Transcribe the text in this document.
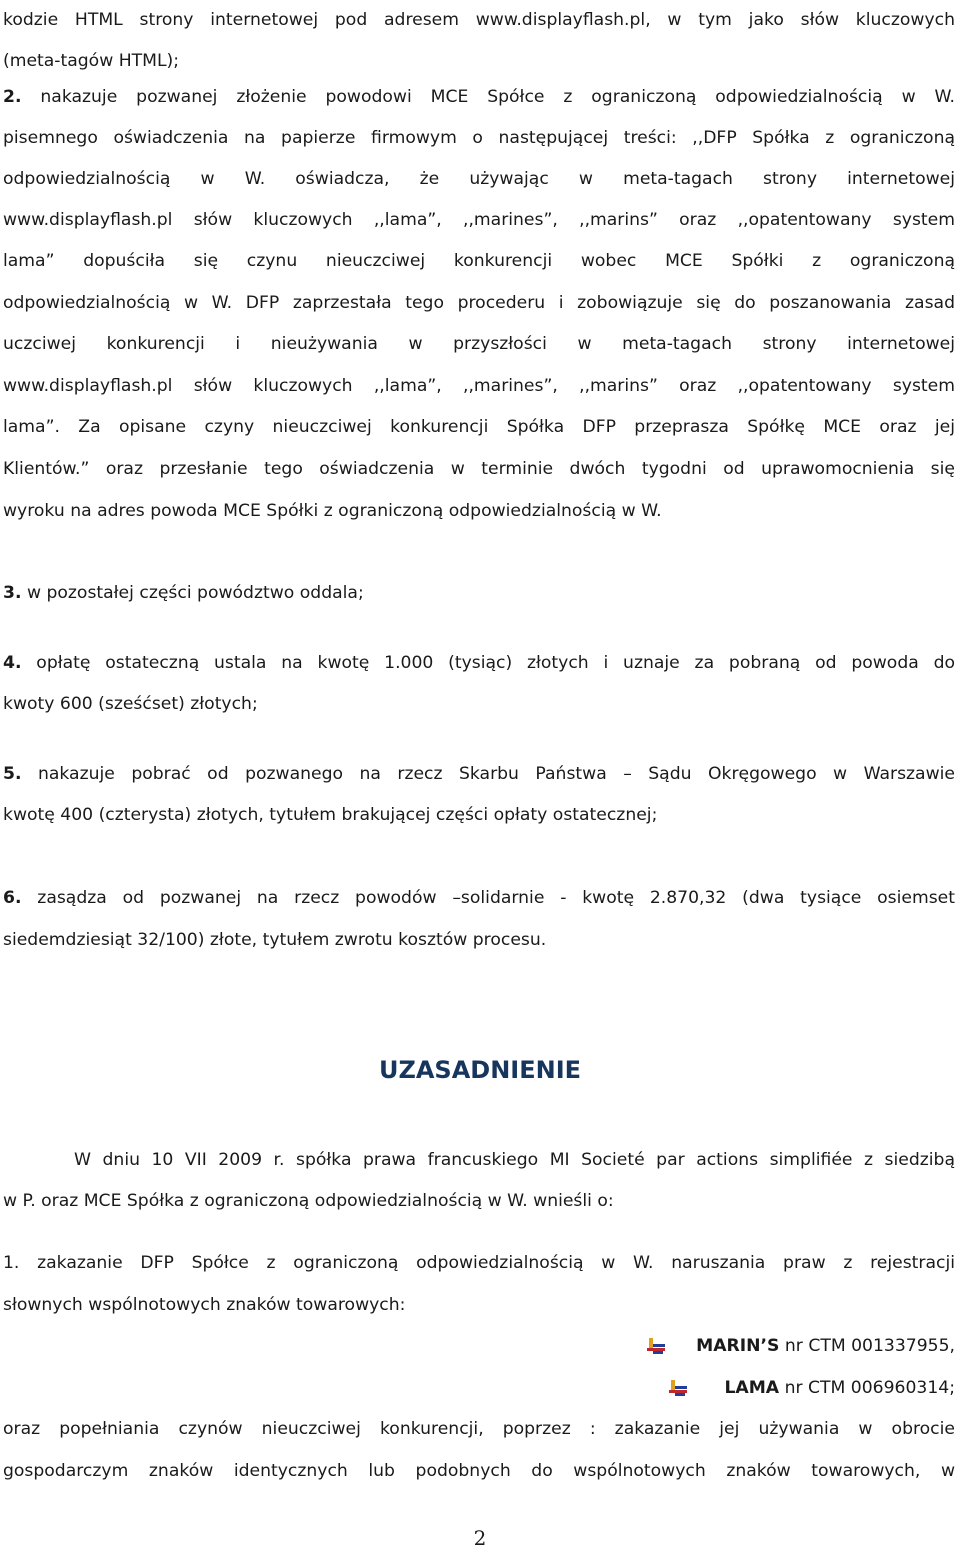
kodzie HTML strony internetowej pod adresem www.displayflash.pl, w tym jako słów kluczowych
(meta-tagów HTML);
2. nakazuje pozwanej złożenie powodowi MCE Spółce z ograniczoną odpowiedzialnością w W.
pisemnego oświadczenia na papierze firmowym o następującej treści: ,,DFP Spółka z ograniczoną
odpowiedzialnością w W. oświadcza, że używając w meta-tagach strony internetowej
www.displayflash.pl słów kluczowych ,,lama”, ,,marines”, ,,marins” oraz ,,opatentowany system
lama” dopuściła się czynu nieuczciwej konkurencji wobec MCE Spółki z ograniczoną
odpowiedzialnością w W. DFP zaprzestała tego procederu i zobowiązuje się do poszanowania zasad
uczciwej konkurencji i nieużywania w przyszłości w meta-tagach strony internetowej
www.displayflash.pl słów kluczowych ,,lama”, ,,marines”, ,,marins” oraz ,,opatentowany system
lama”. Za opisane czyny nieuczciwej konkurencji Spółka DFP przeprasza Spółkę MCE oraz jej
Klientów.” oraz przesłanie tego oświadczenia w terminie dwóch tygodni od uprawomocnienia się
wyroku na adres powoda MCE Spółki z ograniczoną odpowiedzialnością w W.
3. w pozostałej części powództwo oddala;
4. opłatę ostateczną ustala na kwotę 1.000 (tysiąc) złotych i uznaje za pobraną od powoda do
kwoty 600 (sześćset) złotych;
5. nakazuje pobrać od pozwanego na rzecz Skarbu Państwa – Sądu Okręgowego w Warszawie
kwotę 400 (czterysta) złotych, tytułem brakującej części opłaty ostatecznej;
6. zasądza od pozwanej na rzecz powodów –solidarnie - kwotę 2.870,32 (dwa tysiące osiemset
siedemdziesiąt 32/100) złote, tytułem zwrotu kosztów procesu.
UZASADNIENIE
W dniu 10 VII 2009 r. spółka prawa francuskiego MI Societé par actions simplifiée z siedzibą
w P. oraz MCE Spółka z ograniczoną odpowiedzialnością w W. wnieśli o:
1. zakazanie DFP Spółce z ograniczoną odpowiedzialnością w W. naruszania praw z rejestracji
słownych wspólnotowych znaków towarowych:
MARIN’S nr CTM 001337955,
LAMA nr CTM 006960314;
oraz popełniania czynów nieuczciwej konkurencji, poprzez : zakazanie jej używania w obrocie
gospodarczym znaków identycznych lub podobnych do wspólnotowych znaków towarowych, w
2
